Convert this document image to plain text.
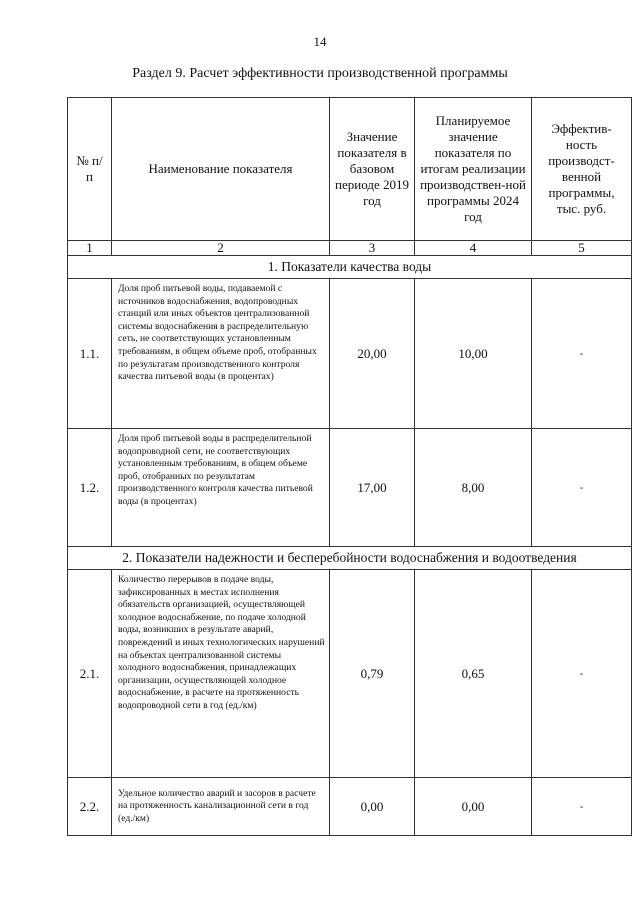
14
Раздел 9. Расчет эффективности производственной программы
№ п/п	Наименование показателя	Значение показателя в базовом периоде 2019 год	Планируемое значение показателя по итогам реализации производствен-ной программы 2024 год	Эффектив-ность производст-венной программы, тыс. руб.
1	2	3	4	5
1. Показатели качества воды				
1.1.	Доля проб питьевой воды, подаваемой с источников водоснабжения, водопроводных станций или иных объектов централизованной системы водоснабжения в распределительную сеть, не соответствующих установленным требованиям, в общем объеме проб, отобранных по результатам производственного контроля качества питьевой воды (в процентах)	20,00	10,00	-
1.2.	Доля проб питьевой воды в распределительной водопроводной сети, не соответствующих установленным требованиям, в общем объеме проб, отобранных по результатам производственного контроля качества питьевой воды (в процентах)	17,00	8,00	-
2. Показатели надежности и бесперебойности водоснабжения и водоотведения				
2.1.	Количество перерывов в подаче воды, зафиксированных в местах исполнения обязательств организацией, осуществляющей холодное водоснабжение, по подаче холодной воды, возникших в результате аварий, повреждений и иных технологических нарушений на объектах централизованной системы холодного водоснабжения, принадлежащих организации, осуществляющей холодное водоснабжение, в расчете на протяженность водопроводной сети в год (ед./км)	0,79	0,65	-
2.2.	Удельное количество аварий и засоров в расчете на протяженность канализационной сети в год (ед./км)	0,00	0,00	-
